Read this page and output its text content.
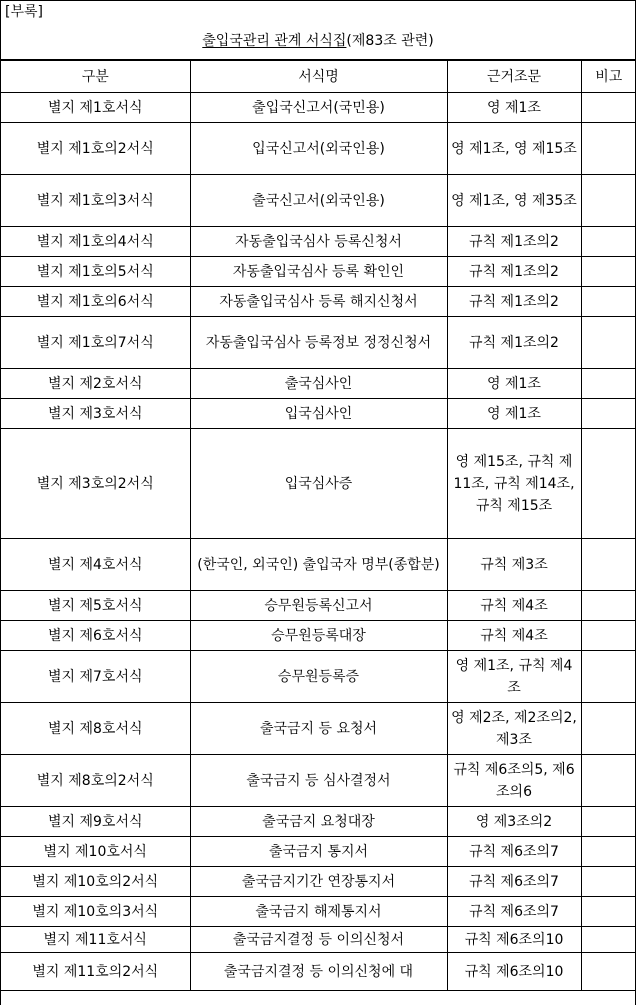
[부록]
출입국관리 관계 서식집(제83조 관련)
구분	서식명	근거조문	비고
별지 제1호서식	출입국신고서(국민용)	영 제1조	
별지 제1호의2서식	입국신고서(외국인용)	영 제1조, 영 제15조	
별지 제1호의3서식	출국신고서(외국인용)	영 제1조, 영 제35조	
별지 제1호의4서식	자동출입국심사 등록신청서	규칙 제1조의2	
별지 제1호의5서식	자동출입국심사 등록 확인인	규칙 제1조의2	
별지 제1호의6서식	자동출입국심사 등록 해지신청서	규칙 제1조의2	
별지 제1호의7서식	자동출입국심사 등록정보 정정신청서	규칙 제1조의2	
별지 제2호서식	출국심사인	영 제1조	
별지 제3호서식	입국심사인	영 제1조	
별지 제3호의2서식	입국심사증	영 제15조, 규칙 제11조, 규칙 제14조, 규칙 제15조	
별지 제4호서식	(한국인, 외국인) 출입국자 명부(종합분)	규칙 제3조	
별지 제5호서식	승무원등록신고서	규칙 제4조	
별지 제6호서식	승무원등록대장	규칙 제4조	
별지 제7호서식	승무원등록증	영 제1조, 규칙 제4조	
별지 제8호서식	출국금지 등 요청서	영 제2조, 제2조의2, 제3조	
별지 제8호의2서식	출국금지 등 심사결정서	규칙 제6조의5, 제6조의6	
별지 제9호서식	출국금지 요청대장	영 제3조의2	
별지 제10호서식	출국금지 통지서	규칙 제6조의7	
별지 제10호의2서식	출국금지기간 연장통지서	규칙 제6조의7	
별지 제10호의3서식	출국금지 해제통지서	규칙 제6조의7	
별지 제11호서식	출국금지결정 등 이의신청서	규칙 제6조의10	
별지 제11호의2서식	출국금지결정 등 이의신청에 대	규칙 제6조의10	
